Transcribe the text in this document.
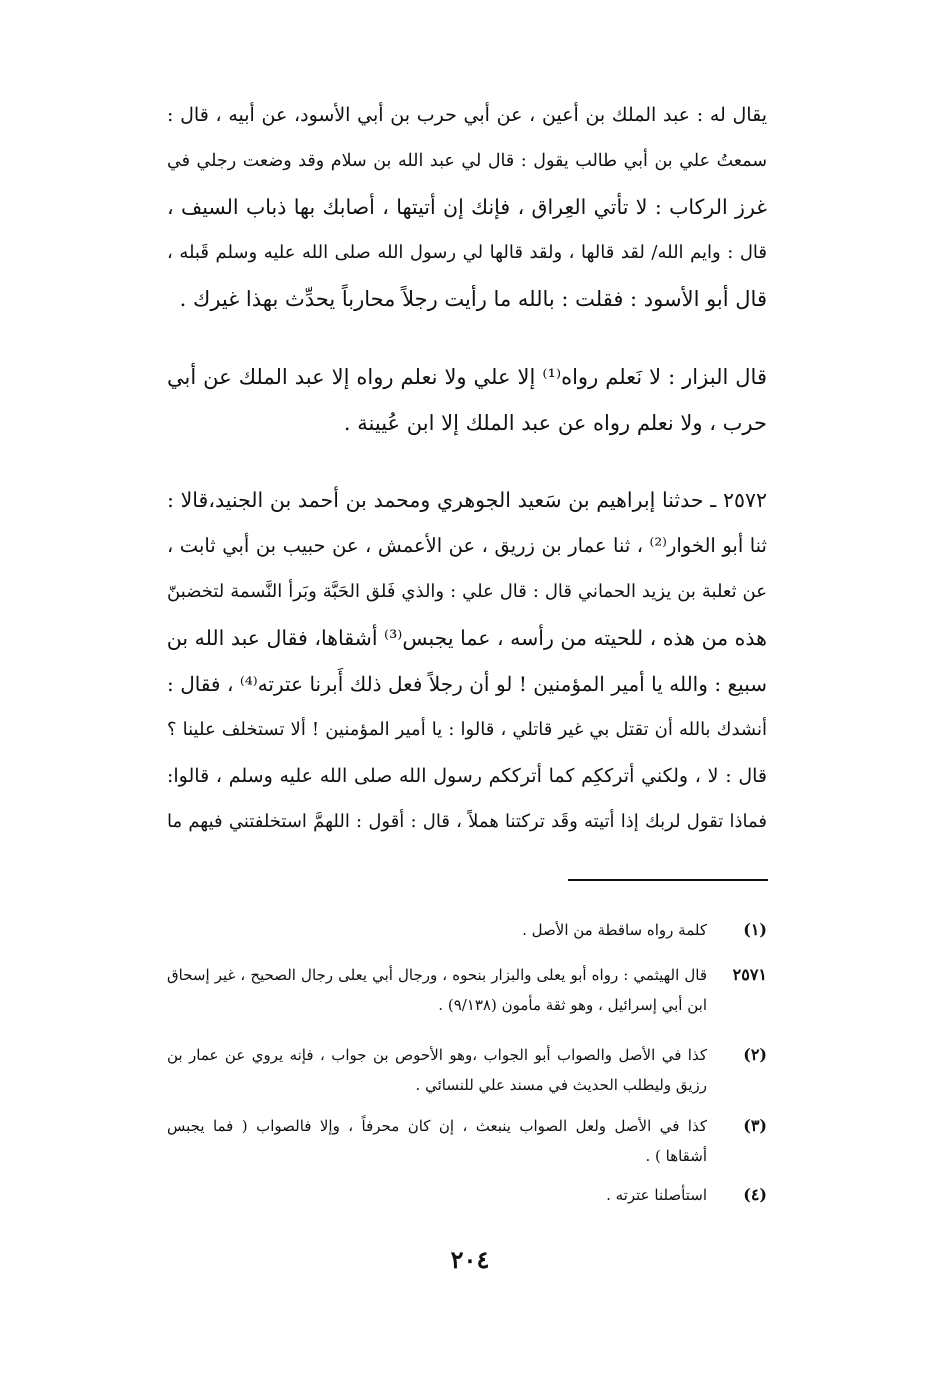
يقال له : عبد الملك بن أعين ، عن أبي حرب بن أبي الأسود، عن أبيه ، قال :
سمعتُ علي بن أبي طالب يقول : قال لي عبد الله بن سلام وقد وضعت رجلي في
غرز الركاب : لا تأتي العِراق ، فإنك إن أتيتها ، أصابك بها ذباب السيف ،
قال : وايم الله/ لقد قالها ، ولقد قالها لي رسول الله صلى الله عليه وسلم قَبله ،
قال أبو الأسود : فقلت : بالله ما رأيت رجلاً محارباً يحدِّث بهذا غيرك .
قال البزار : لا نَعلم رواه⁽¹⁾ إلا علي ولا نعلم رواه إلا عبد الملك عن أبي
حرب ، ولا نعلم رواه عن عبد الملك إلا ابن عُيينة .
٢٥٧٢ ـ حدثنا إبراهيم بن سَعيد الجوهري ومحمد بن أحمد بن الجنيد،قالا :
ثنا أبو الخوار⁽²⁾ ، ثنا عمار بن زريق ، عن الأعمش ، عن حبيب بن أبي ثابت ،
عن ثعلبة بن يزيد الحماني قال : قال علي : والذي فَلق الحَبَّة وبَرأ النَّسمة لتخضبنّ
هذه من هذه ، للحيته من رأسه ، عما يجبس⁽³⁾ أشقاها، فقال عبد الله بن
سبيع : والله يا أمير المؤمنين ! لو أن رجلاً فعل ذلك أَبرنا عترته⁽⁴⁾ ، فقال :
أنشدك بالله أن تقتل بي غير قاتلي ، قالوا : يا أمير المؤمنين ! ألا تستخلف علينا ؟
قال : لا ، ولكني أترككِم كما أترككم رسول الله صلى الله عليه وسلم ، قالوا:
فماذا تقول لربك إذا أتيته وقَد تركتنا هملاً ، قال : أقول : اللهمَّ استخلفتني فيهم ما
(١)
كلمة رواه ساقطة من الأصل .
٢٥٧١
قال الهيثمي : رواه أبو يعلى والبزار بنحوه ، ورجال أبي يعلى رجال الصحيح ، غير إسحاق
ابن أبي إسرائيل ، وهو ثقة مأمون (٩/١٣٨) .
(٢)
كذا في الأصل والصواب أبو الجواب ،وهو الأحوص بن جواب ، فإنه يروي عن عمار بن
رزيق وليطلب الحديث في مسند علي للنسائي .
(٣)
كذا في الأصل ولعل الصواب ينبعث ، إن كان محرفاً ، وإلا فالصواب ( فما يجبس
أشقاها ) .
(٤)
استأصلنا عترته .
٢٠٤
